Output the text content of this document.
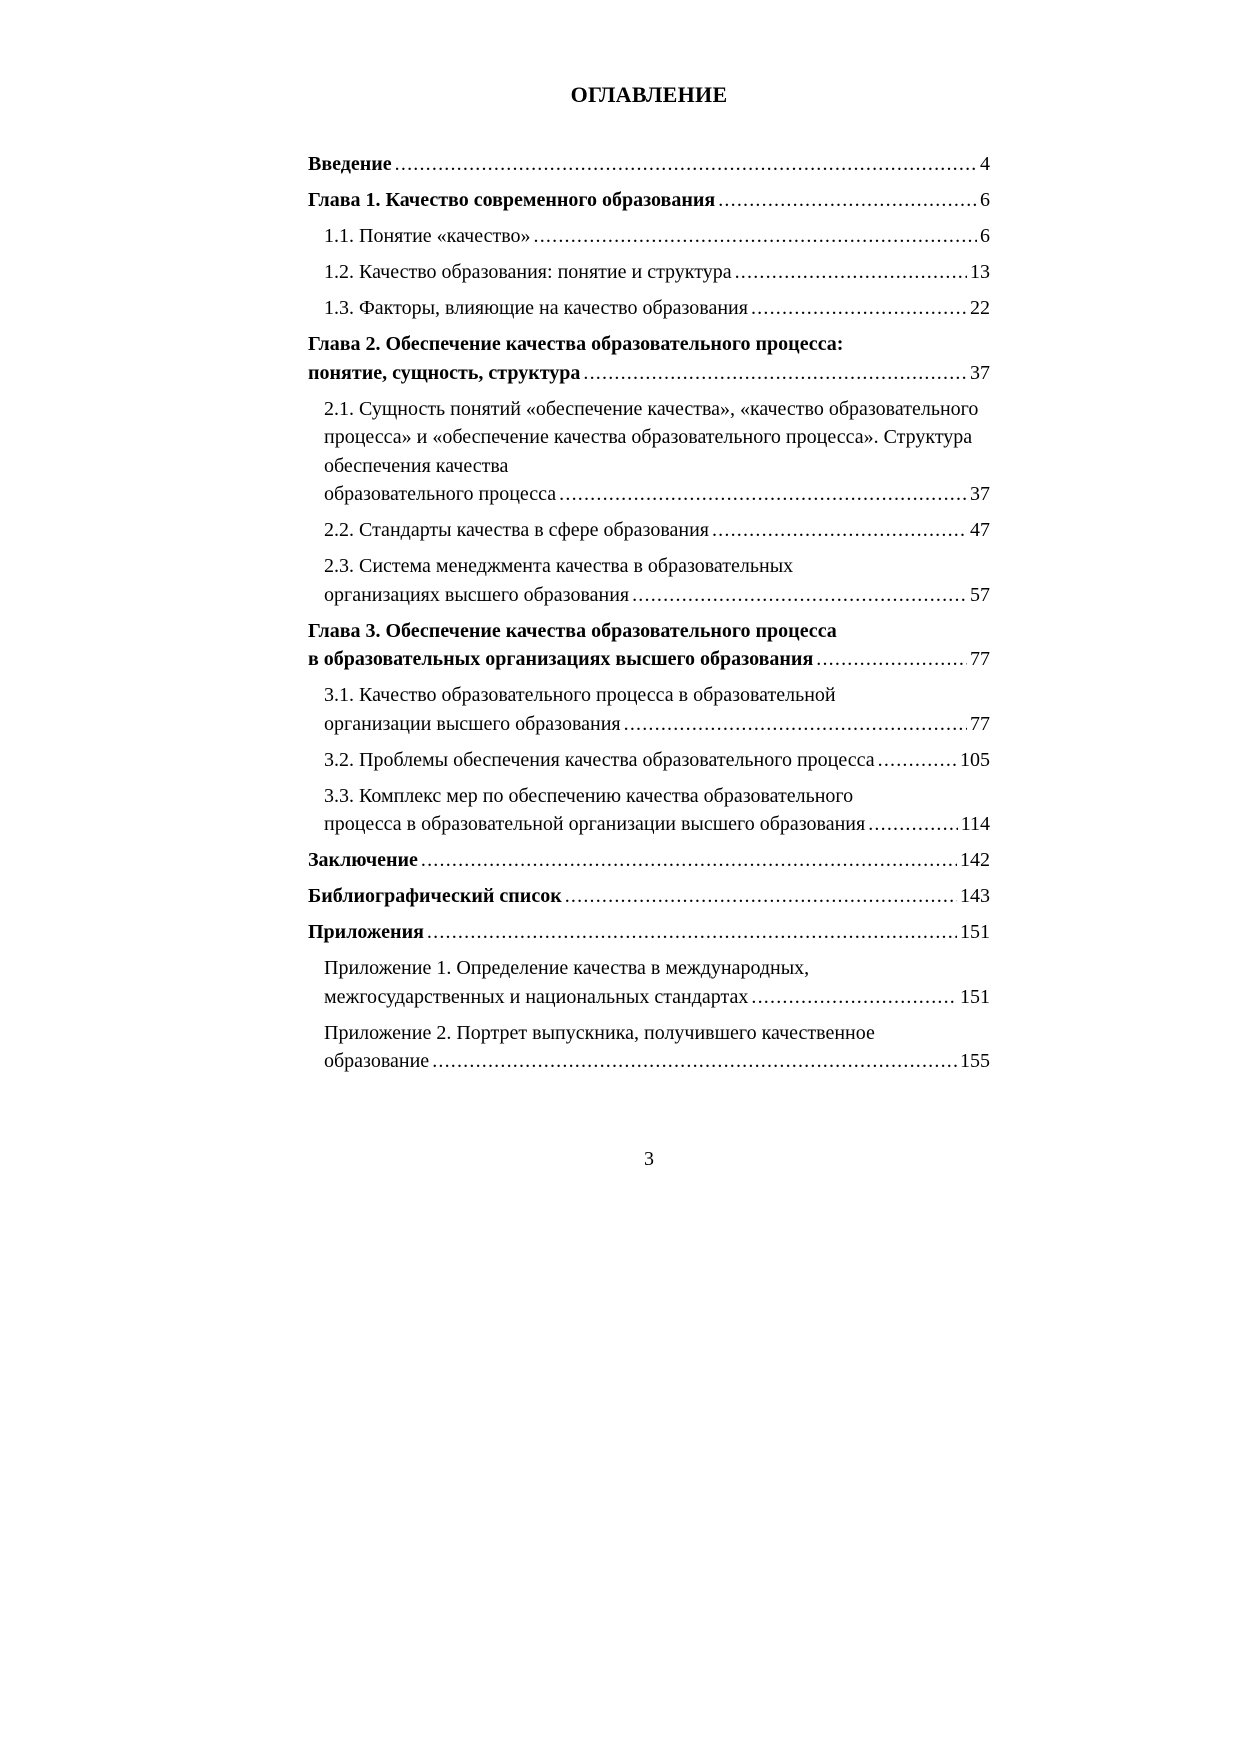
ОГЛАВЛЕНИЕ
Введение .....	4
Глава 1. Качество современного образования .....	6
1.1. Понятие «качество» .....	6
1.2. Качество образования: понятие и структура .....	13
1.3. Факторы, влияющие на качество образования .....	22
Глава 2. Обеспечение качества образовательного процесса:
понятие, сущность, структура .....	37
2.1. Сущность понятий «обеспечение качества», «качество образовательного процесса» и «обеспечение качества образовательного процесса». Структура обеспечения качества
образовательного процесса .....	37
2.2. Стандарты качества в сфере образования .....	47
2.3. Система менеджмента качества в образовательных
организациях высшего образования .....	57
Глава 3. Обеспечение качества образовательного процесса
в образовательных организациях высшего образования .....	77
3.1. Качество образовательного процесса в образовательной
организации высшего образования .....	77
3.2. Проблемы обеспечения качества образовательного процесса .....	105
3.3. Комплекс мер по обеспечению качества образовательного
процесса в образовательной организации высшего образования .....	114
Заключение .....	142
Библиографический список .....	143
Приложения .....	151
Приложение 1. Определение качества в международных,
межгосударственных и национальных стандартах .....	151
Приложение 2. Портрет выпускника, получившего качественное
образование .....	155
3
